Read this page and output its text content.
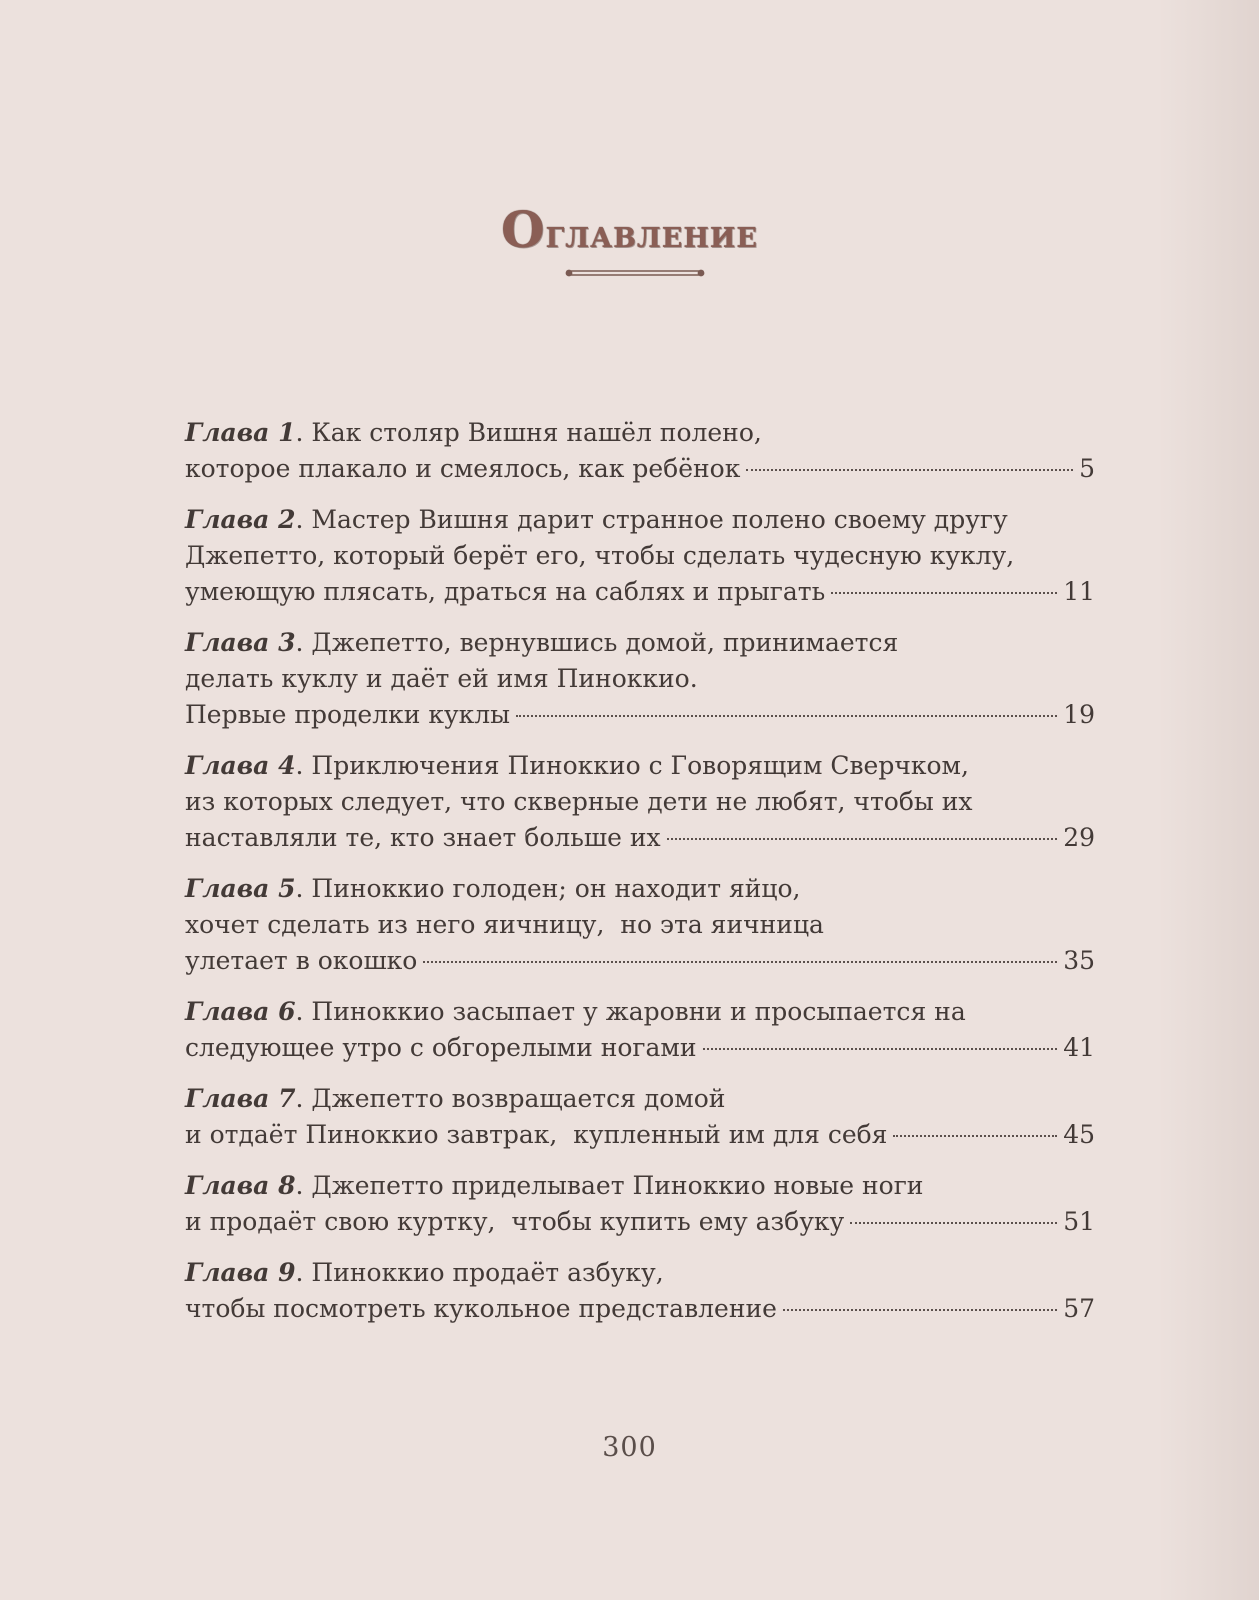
Оглавление
Глава 1 . Как столяр Вишня нашёл полено,
которое плакало и смеялось, как ребёнок	5
Глава 2 . Мастер Вишня дарит странное полено своему другу
Джепетто, который берёт его, чтобы сделать чудесную куклу,
умеющую плясать, драться на саблях и прыгать	11
Глава 3 . Джепетто, вернувшись домой, принимается
делать куклу и даёт ей имя Пиноккио.
Первые проделки куклы	19
Глава 4 . Приключения Пиноккио с Говорящим Сверчком,
из которых следует, что скверные дети не любят, чтобы их
наставляли те, кто знает больше их	29
Глава 5 . Пиноккио голоден; он находит яйцо,
хочет сделать из него яичницу,  но эта яичница
улетает в окошко	35
Глава 6 . Пиноккио засыпает у жаровни и просыпается на
следующее утро с обгорелыми ногами	41
Глава 7 . Джепетто возвращается домой
и отдаёт Пиноккио завтрак,  купленный им для себя	45
Глава 8 . Джепетто приделывает Пиноккио новые ноги
и продаёт свою куртку,  чтобы купить ему азбуку	51
Глава 9 . Пиноккио продаёт азбуку,
чтобы посмотреть кукольное представление	57
300
